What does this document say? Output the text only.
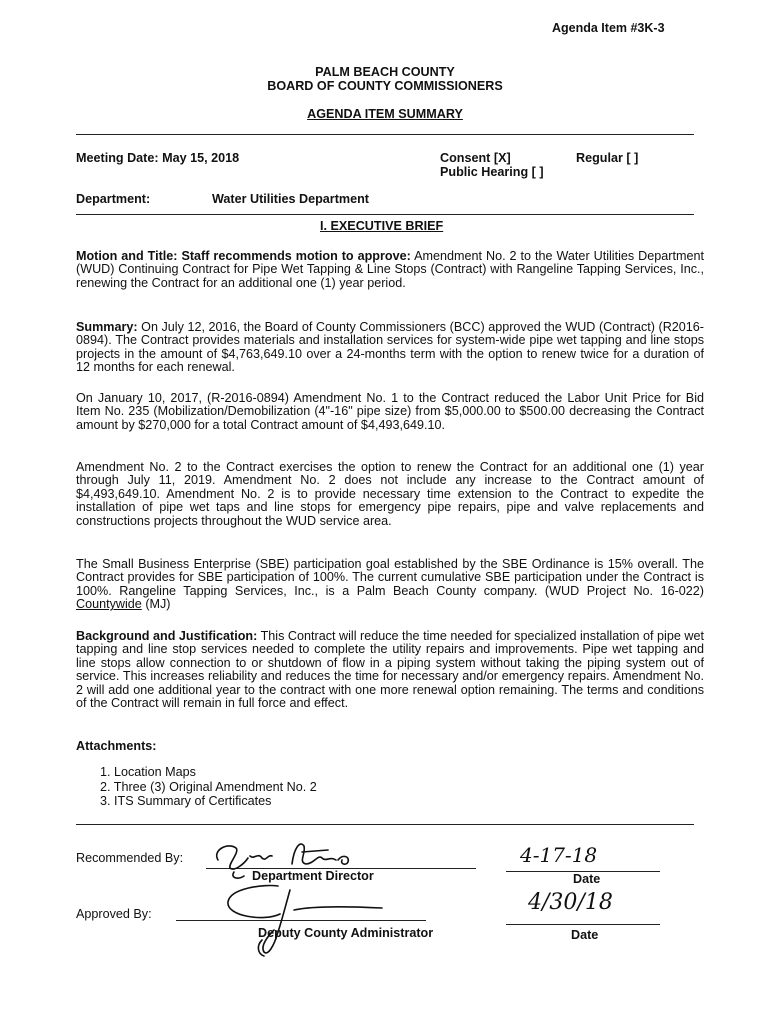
Agenda Item #3K-3
PALM BEACH COUNTY
BOARD OF COUNTY COMMISSIONERS
AGENDA ITEM SUMMARY
Meeting Date: May 15, 2018	Consent [X]	Regular [ ]
Public Hearing [ ]
Department:	Water Utilities Department
I. EXECUTIVE BRIEF
Motion and Title: Staff recommends motion to approve: Amendment No. 2 to the Water Utilities Department (WUD) Continuing Contract for Pipe Wet Tapping & Line Stops (Contract) with Rangeline Tapping Services, Inc., renewing the Contract for an additional one (1) year period.
Summary: On July 12, 2016, the Board of County Commissioners (BCC) approved the WUD (Contract) (R2016-0894). The Contract provides materials and installation services for system-wide pipe wet tapping and line stops projects in the amount of $4,763,649.10 over a 24-months term with the option to renew twice for a duration of 12 months for each renewal.
On January 10, 2017, (R-2016-0894) Amendment No. 1 to the Contract reduced the Labor Unit Price for Bid Item No. 235 (Mobilization/Demobilization (4"-16" pipe size) from $5,000.00 to $500.00 decreasing the Contract amount by $270,000 for a total Contract amount of $4,493,649.10.
Amendment No. 2 to the Contract exercises the option to renew the Contract for an additional one (1) year through July 11, 2019. Amendment No. 2 does not include any increase to the Contract amount of $4,493,649.10. Amendment No. 2 is to provide necessary time extension to the Contract to expedite the installation of pipe wet taps and line stops for emergency pipe repairs, pipe and valve replacements and constructions projects throughout the WUD service area.
The Small Business Enterprise (SBE) participation goal established by the SBE Ordinance is 15% overall. The Contract provides for SBE participation of 100%. The current cumulative SBE participation under the Contract is 100%. Rangeline Tapping Services, Inc., is a Palm Beach County company. (WUD Project No. 16-022) Countywide (MJ)
Background and Justification: This Contract will reduce the time needed for specialized installation of pipe wet tapping and line stop services needed to complete the utility repairs and improvements. Pipe wet tapping and line stops allow connection to or shutdown of flow in a piping system without taking the piping system out of service. This increases reliability and reduces the time for necessary and/or emergency repairs. Amendment No. 2 will add one additional year to the contract with one more renewal option remaining. The terms and conditions of the Contract will remain in full force and effect.
Attachments:
1. Location Maps
2. Three (3) Original Amendment No. 2
3. ITS Summary of Certificates
Recommended By:
Department Director
4-17-18
Date
Approved By:
Deputy County Administrator
4/30/18
Date
